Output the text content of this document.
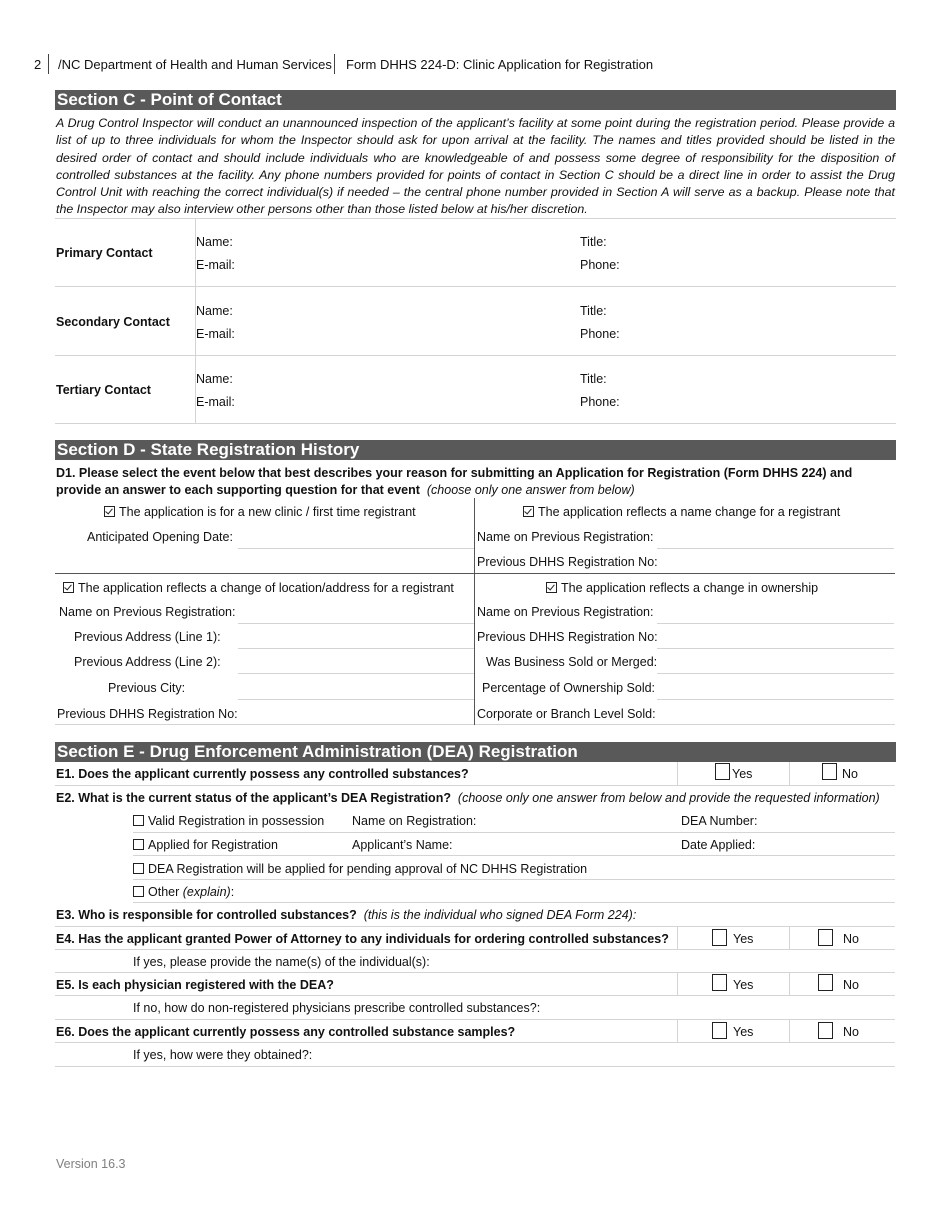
2 /NC Department of Health and Human Services Form DHHS 224-D: Clinic Application for Registration
Section C - Point of Contact
A Drug Control Inspector will conduct an unannounced inspection of the applicant’s facility at some point during the registration period. Please provide a list of up to three individuals for whom the Inspector should ask for upon arrival at the facility. The names and titles provided should be listed in the desired order of contact and should include individuals who are knowledgeable of and possess some degree of responsibility for the disposition of controlled substances at the facility. Any phone numbers provided for points of contact in Section C should be a direct line in order to assist the Drug Control Unit with reaching the correct individual(s) if needed – the central phone number provided in Section A will serve as a backup. Please note that the Inspector may also interview other persons other than those listed below at his/her discretion.
Primary Contact
Name:	Title:
E-mail:	Phone:
Secondary Contact
Name:	Title:
E-mail:	Phone:
Tertiary Contact
Name:	Title:
E-mail:	Phone:
Section D - State Registration History
D1. Please select the event below that best describes your reason for submitting an Application for Registration (Form DHHS 224) and provide an answer to each supporting question for that event (choose only one answer from below)
The application is for a new clinic / first time registrant
Anticipated Opening Date:
The application reflects a name change for a registrant
Name on Previous Registration:
Previous DHHS Registration No:
The application reflects a change of location/address for a registrant
Name on Previous Registration:
Previous Address (Line 1):
Previous Address (Line 2):
Previous City:
Previous DHHS Registration No:
The application reflects a change in ownership
Name on Previous Registration:
Previous DHHS Registration No:
Was Business Sold or Merged:
Percentage of Ownership Sold:
Corporate or Branch Level Sold:
Section E - Drug Enforcement Administration (DEA) Registration
E1. Does the applicant currently possess any controlled substances?	Yes	No
E2. What is the current status of the applicant’s DEA Registration? (choose only one answer from below and provide the requested information)
Valid Registration in possession Name on Registration:	DEA Number:
Applied for Registration	Applicant’s Name:	Date Applied:
DEA Registration will be applied for pending approval of NC DHHS Registration
Other (explain):
E3. Who is responsible for controlled substances? (this is the individual who signed DEA Form 224):
E4. Has the applicant granted Power of Attorney to any individuals for ordering controlled substances?	Yes	No
If yes, please provide the name(s) of the individual(s):
E5. Is each physician registered with the DEA?	Yes	No
If no, how do non-registered physicians prescribe controlled substances?:
E6. Does the applicant currently possess any controlled substance samples?	Yes	No
If yes, how were they obtained?:
Version 16.3
